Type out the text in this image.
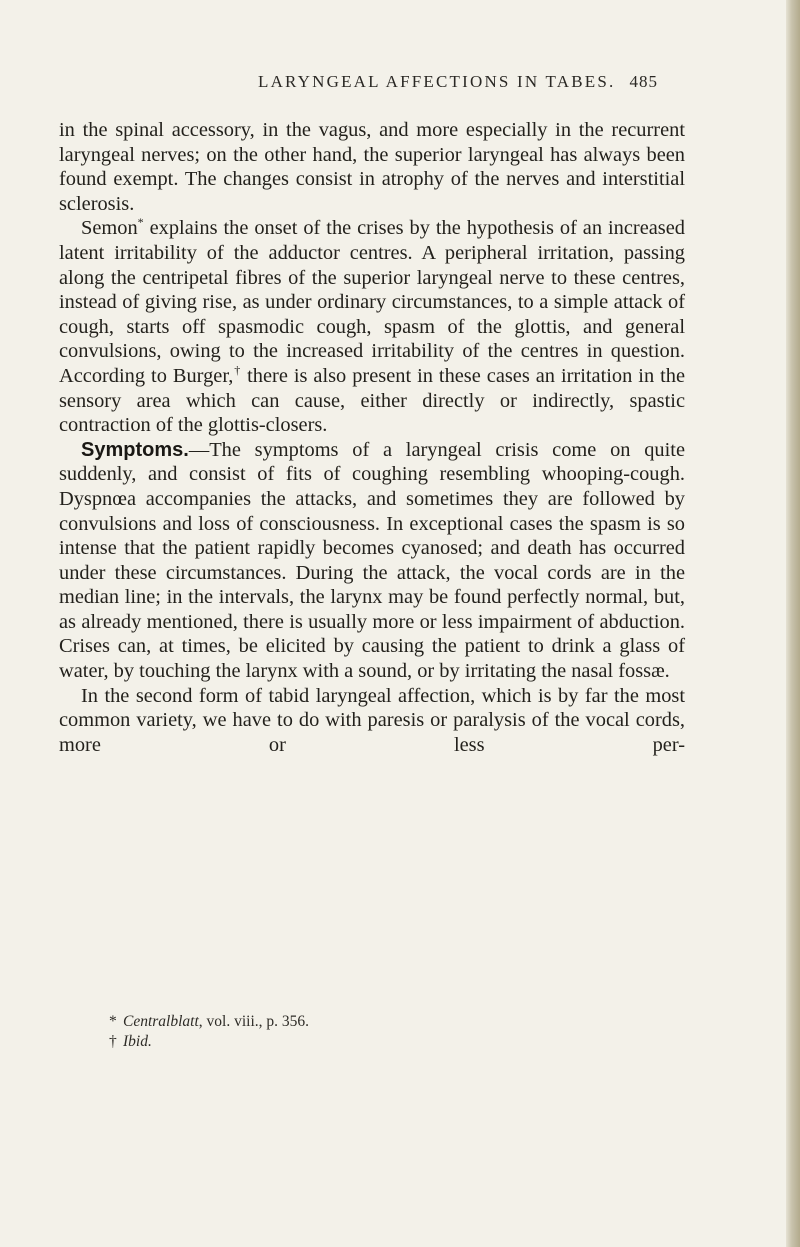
LARYNGEAL AFFECTIONS IN TABES. 485

in the spinal accessory, in the vagus, and more especially in the recurrent laryngeal nerves; on the other hand, the superior laryngeal has always been found exempt. The changes consist in atrophy of the nerves and interstitial sclerosis.

Semon* explains the onset of the crises by the hypothesis of an increased latent irritability of the adductor centres. A peripheral irritation, passing along the centripetal fibres of the superior laryngeal nerve to these centres, instead of giving rise, as under ordinary circumstances, to a simple attack of cough, starts off spasmodic cough, spasm of the glottis, and general convulsions, owing to the increased irritability of the centres in question. According to Burger,† there is also present in these cases an irritation in the sensory area which can cause, either directly or indirectly, spastic contraction of the glottis-closers.

Symptoms.—The symptoms of a laryngeal crisis come on quite suddenly, and consist of fits of coughing resembling whooping-cough. Dyspnœa accompanies the attacks, and sometimes they are followed by convulsions and loss of consciousness. In exceptional cases the spasm is so intense that the patient rapidly becomes cyanosed; and death has occurred under these circumstances. During the attack, the vocal cords are in the median line; in the intervals, the larynx may be found perfectly normal, but, as already mentioned, there is usually more or less impairment of abduction. Crises can, at times, be elicited by causing the patient to drink a glass of water, by touching the larynx with a sound, or by irritating the nasal fossæ.

In the second form of tabid laryngeal affection, which is by far the most common variety, we have to do with paresis or paralysis of the vocal cords, more or less per-

* Centralblatt, vol. viii., p. 356.

† Ibid.
